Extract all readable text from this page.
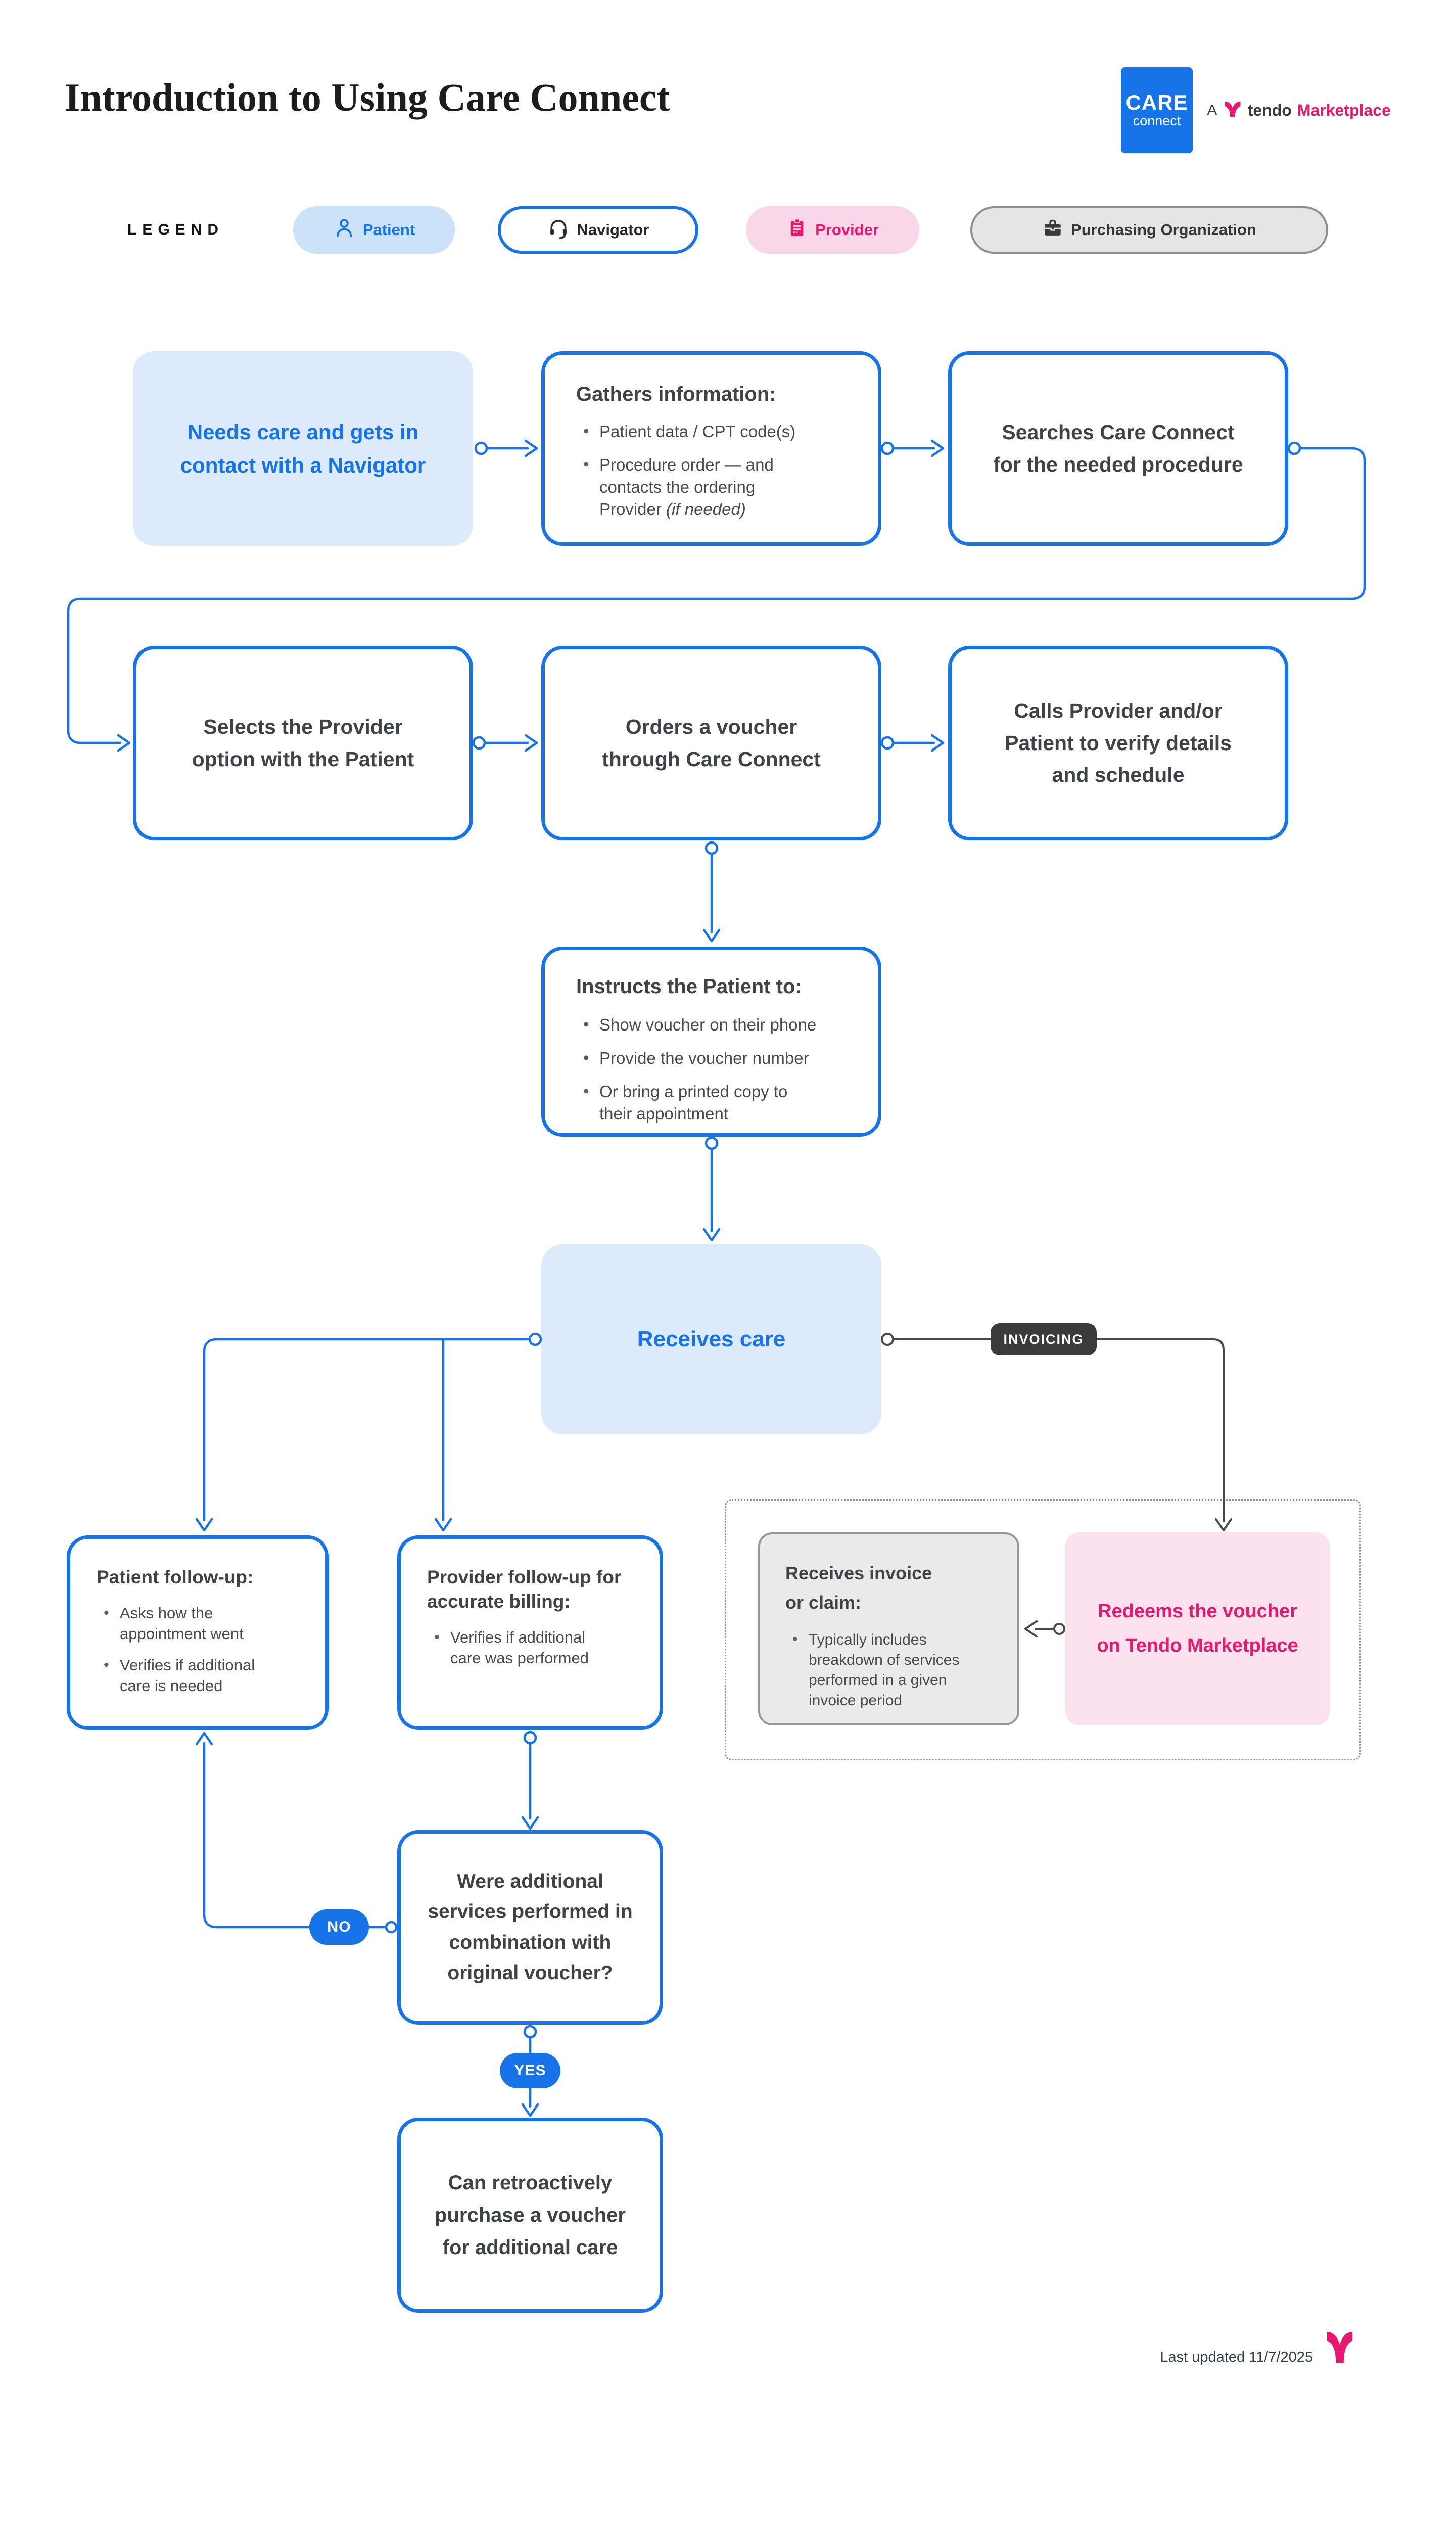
Introduction to Using Care Connect	CARE
connect
A tendo Marketplace
LEGEND	Patient	Navigator	Provider	Purchasing Organization
Needs care and gets in contact with a Navigator
Gathers information:
• Patient data / CPT code(s)
• Procedure order — and contacts the ordering Provider (if needed)
Searches Care Connect for the needed procedure
Selects the Provider option with the Patient
Orders a voucher through Care Connect
Calls Provider and/or Patient to verify details and schedule
Instructs the Patient to:
• Show voucher on their phone
• Provide the voucher number
• Or bring a printed copy to their appointment
Receives care
Patient follow-up:
• Asks how the appointment went
• Verifies if additional care is needed
Provider follow-up for accurate billing:
• Verifies if additional care was performed
Receives invoice or claim:
• Typically includes breakdown of services performed in a given invoice period
Redeems the voucher on Tendo Marketplace
Were additional services performed in combination with original voucher?
Can retroactively purchase a voucher for additional care
INVOICING
NO
YES
Last updated 11/7/2025
